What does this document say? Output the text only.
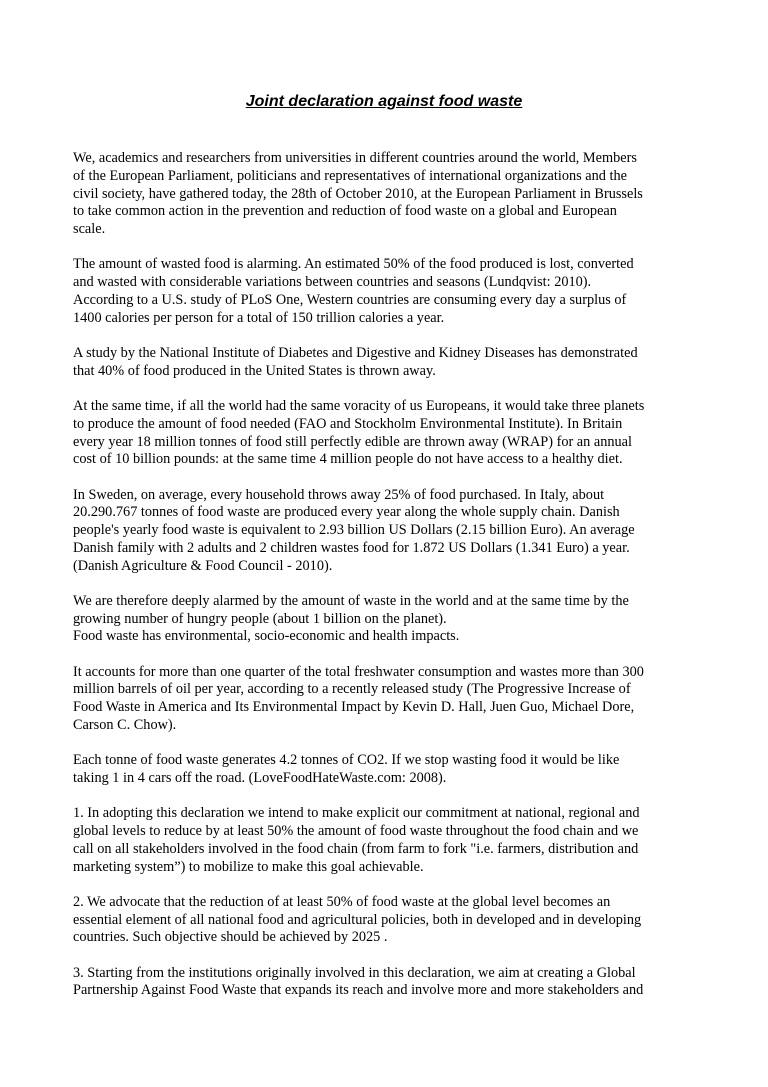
Joint declaration against food waste
We, academics and researchers from universities in different countries around the world, Members
of the European Parliament, politicians and representatives of international organizations and the
civil society, have gathered today, the 28th of October 2010, at the European Parliament in Brussels
to take common action in the prevention and reduction of food waste on a global and European
scale.
The amount of wasted food is alarming. An estimated 50% of the food produced is lost, converted
and wasted with considerable variations between countries and seasons (Lundqvist: 2010).
According to a U.S. study of PLoS One, Western countries are consuming every day a surplus of
1400 calories per person for a total of 150 trillion calories a year.
A study by the National Institute of Diabetes and Digestive and Kidney Diseases has demonstrated
that 40% of food produced in the United States is thrown away.
At the same time, if all the world had the same voracity of us Europeans, it would take three planets
to produce the amount of food needed (FAO and Stockholm Environmental Institute). In Britain
every year 18 million tonnes of food still perfectly edible are thrown away (WRAP) for an annual
cost of 10 billion pounds: at the same time 4 million people do not have access to a healthy diet.
In Sweden, on average, every household throws away 25% of food purchased. In Italy, about
20.290.767 tonnes of food waste are produced every year along the whole supply chain. Danish
people's yearly food waste is equivalent to 2.93 billion US Dollars (2.15 billion Euro). An average
Danish family with 2 adults and 2 children wastes food for 1.872 US Dollars (1.341 Euro) a year.
(Danish Agriculture & Food Council - 2010).
We are therefore deeply alarmed by the amount of waste in the world and at the same time by the
growing number of hungry people (about 1 billion on the planet).
Food waste has environmental, socio-economic and health impacts.
It accounts for more than one quarter of the total freshwater consumption and wastes more than 300
million barrels of oil per year, according to a recently released study (The Progressive Increase of
Food Waste in America and Its Environmental Impact by Kevin D. Hall, Juen Guo, Michael Dore,
Carson C. Chow).
Each tonne of food waste generates 4.2 tonnes of CO2. If we stop wasting food it would be like
taking 1 in 4 cars off the road. (LoveFoodHateWaste.com: 2008).
1. In adopting this declaration we intend to make explicit our commitment at national, regional and
global levels to reduce by at least 50% the amount of food waste throughout the food chain and we
call on all stakeholders involved in the food chain (from farm to fork "i.e. farmers, distribution and
marketing system”) to mobilize to make this goal achievable.
2. We advocate that the reduction of at least 50% of food waste at the global level becomes an
essential element of all national food and agricultural policies, both in developed and in developing
countries. Such objective should be achieved by 2025 .
3. Starting from the institutions originally involved in this declaration, we aim at creating a Global
Partnership Against Food Waste that expands its reach and involve more and more stakeholders and
